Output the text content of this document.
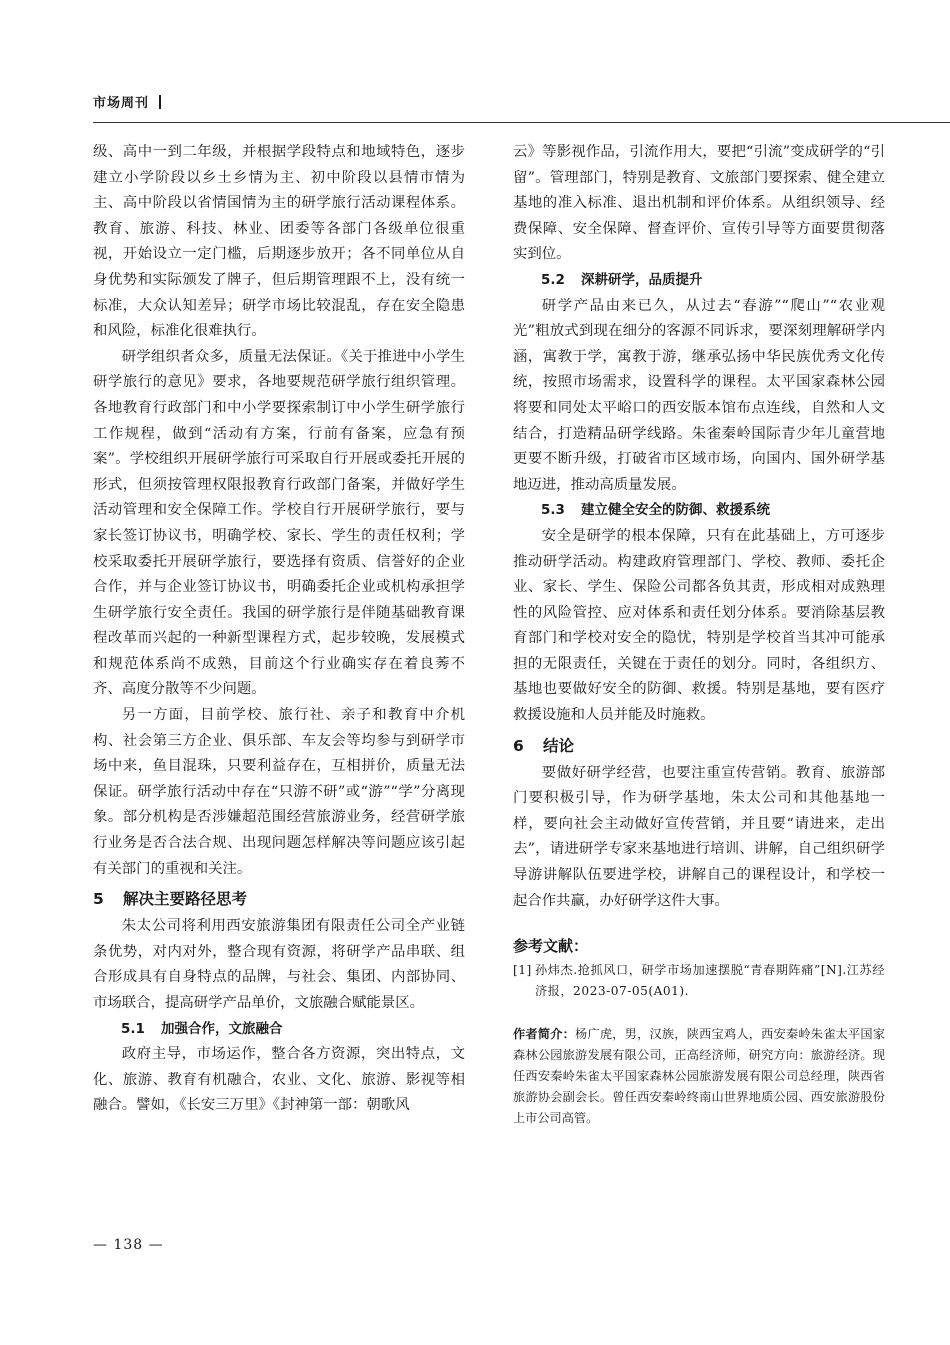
市场周刊

级、高中一到二年级，并根据学段特点和地域特色，逐步建立小学阶段以乡土乡情为主、初中阶段以县情市情为主、高中阶段以省情国情为主的研学旅行活动课程体系。教育、旅游、科技、林业、团委等各部门各级单位很重视，开始设立一定门槛，后期逐步放开；各不同单位从自身优势和实际颁发了牌子，但后期管理跟不上，没有统一标准，大众认知差异；研学市场比较混乱，存在安全隐患和风险，标准化很难执行。

研学组织者众多，质量无法保证。《关于推进中小学生研学旅行的意见》要求，各地要规范研学旅行组织管理。各地教育行政部门和中小学要探索制订中小学生研学旅行工作规程，做到“活动有方案，行前有备案，应急有预案”。学校组织开展研学旅行可采取自行开展或委托开展的形式，但须按管理权限报教育行政部门备案，并做好学生活动管理和安全保障工作。学校自行开展研学旅行，要与家长签订协议书，明确学校、家长、学生的责任权利；学校采取委托开展研学旅行，要选择有资质、信誉好的企业合作，并与企业签订协议书，明确委托企业或机构承担学生研学旅行安全责任。我国的研学旅行是伴随基础教育课程改革而兴起的一种新型课程方式，起步较晚，发展模式和规范体系尚不成熟，目前这个行业确实存在着良莠不齐、高度分散等不少问题。

另一方面，目前学校、旅行社、亲子和教育中介机构、社会第三方企业、俱乐部、车友会等均参与到研学市场中来，鱼目混珠，只要利益存在，互相拼价，质量无法保证。研学旅行活动中存在“只游不研”或“游”“学”分离现象。部分机构是否涉嫌超范围经营旅游业务，经营研学旅行业务是否合法合规、出现问题怎样解决等问题应该引起有关部门的重视和关注。

5 解决主要路径思考

朱太公司将利用西安旅游集团有限责任公司全产业链条优势，对内对外，整合现有资源，将研学产品串联、组合形成具有自身特点的品牌，与社会、集团、内部协同、市场联合，提高研学产品单价，文旅融合赋能景区。

5.1 加强合作，文旅融合

政府主导，市场运作，整合各方资源，突出特点，文化、旅游、教育有机融合，农业、文化、旅游、影视等相融合。譬如，《长安三万里》《封神第一部：朝歌风

云》等影视作品，引流作用大，要把“引流”变成研学的“引留”。管理部门，特别是教育、文旅部门要探索、健全建立基地的准入标准、退出机制和评价体系。从组织领导、经费保障、安全保障、督查评价、宣传引导等方面要贯彻落实到位。

5.2 深耕研学，品质提升

研学产品由来已久，从过去“春游”“爬山”“农业观光”粗放式到现在细分的客源不同诉求，要深刻理解研学内涵，寓教于学，寓教于游，继承弘扬中华民族优秀文化传统，按照市场需求，设置科学的课程。太平国家森林公园将要和同处太平峪口的西安版本馆布点连线，自然和人文结合，打造精品研学线路。朱雀秦岭国际青少年儿童营地更要不断升级，打破省市区域市场，向国内、国外研学基地迈进，推动高质量发展。

5.3 建立健全安全的防御、救援系统

安全是研学的根本保障，只有在此基础上，方可逐步推动研学活动。构建政府管理部门、学校、教师、委托企业、家长、学生、保险公司都各负其责，形成相对成熟理性的风险管控、应对体系和责任划分体系。要消除基层教育部门和学校对安全的隐忧，特别是学校首当其冲可能承担的无限责任，关键在于责任的划分。同时，各组织方、基地也要做好安全的防御、救援。特别是基地，要有医疗救援设施和人员并能及时施救。

6 结论

要做好研学经营，也要注重宣传营销。教育、旅游部门要积极引导，作为研学基地，朱太公司和其他基地一样，要向社会主动做好宣传营销，并且要“请进来，走出去”，请进研学专家来基地进行培训、讲解，自己组织研学导游讲解队伍要进学校，讲解自己的课程设计，和学校一起合作共赢，办好研学这件大事。

参考文献：
[1] 孙炜杰.抢抓风口，研学市场加速摆脱“青春期阵痛”[N].江苏经济报，2023-07-05(A01).
作者简介：杨广虎，男，汉族，陕西宝鸡人，西安秦岭朱雀太平国家森林公园旅游发展有限公司，正高经济师，研究方向：旅游经济。现任西安秦岭朱雀太平国家森林公园旅游发展有限公司总经理，陕西省旅游协会副会长。曾任西安秦岭终南山世界地质公园、西安旅游股份上市公司高管。
— 138 —
